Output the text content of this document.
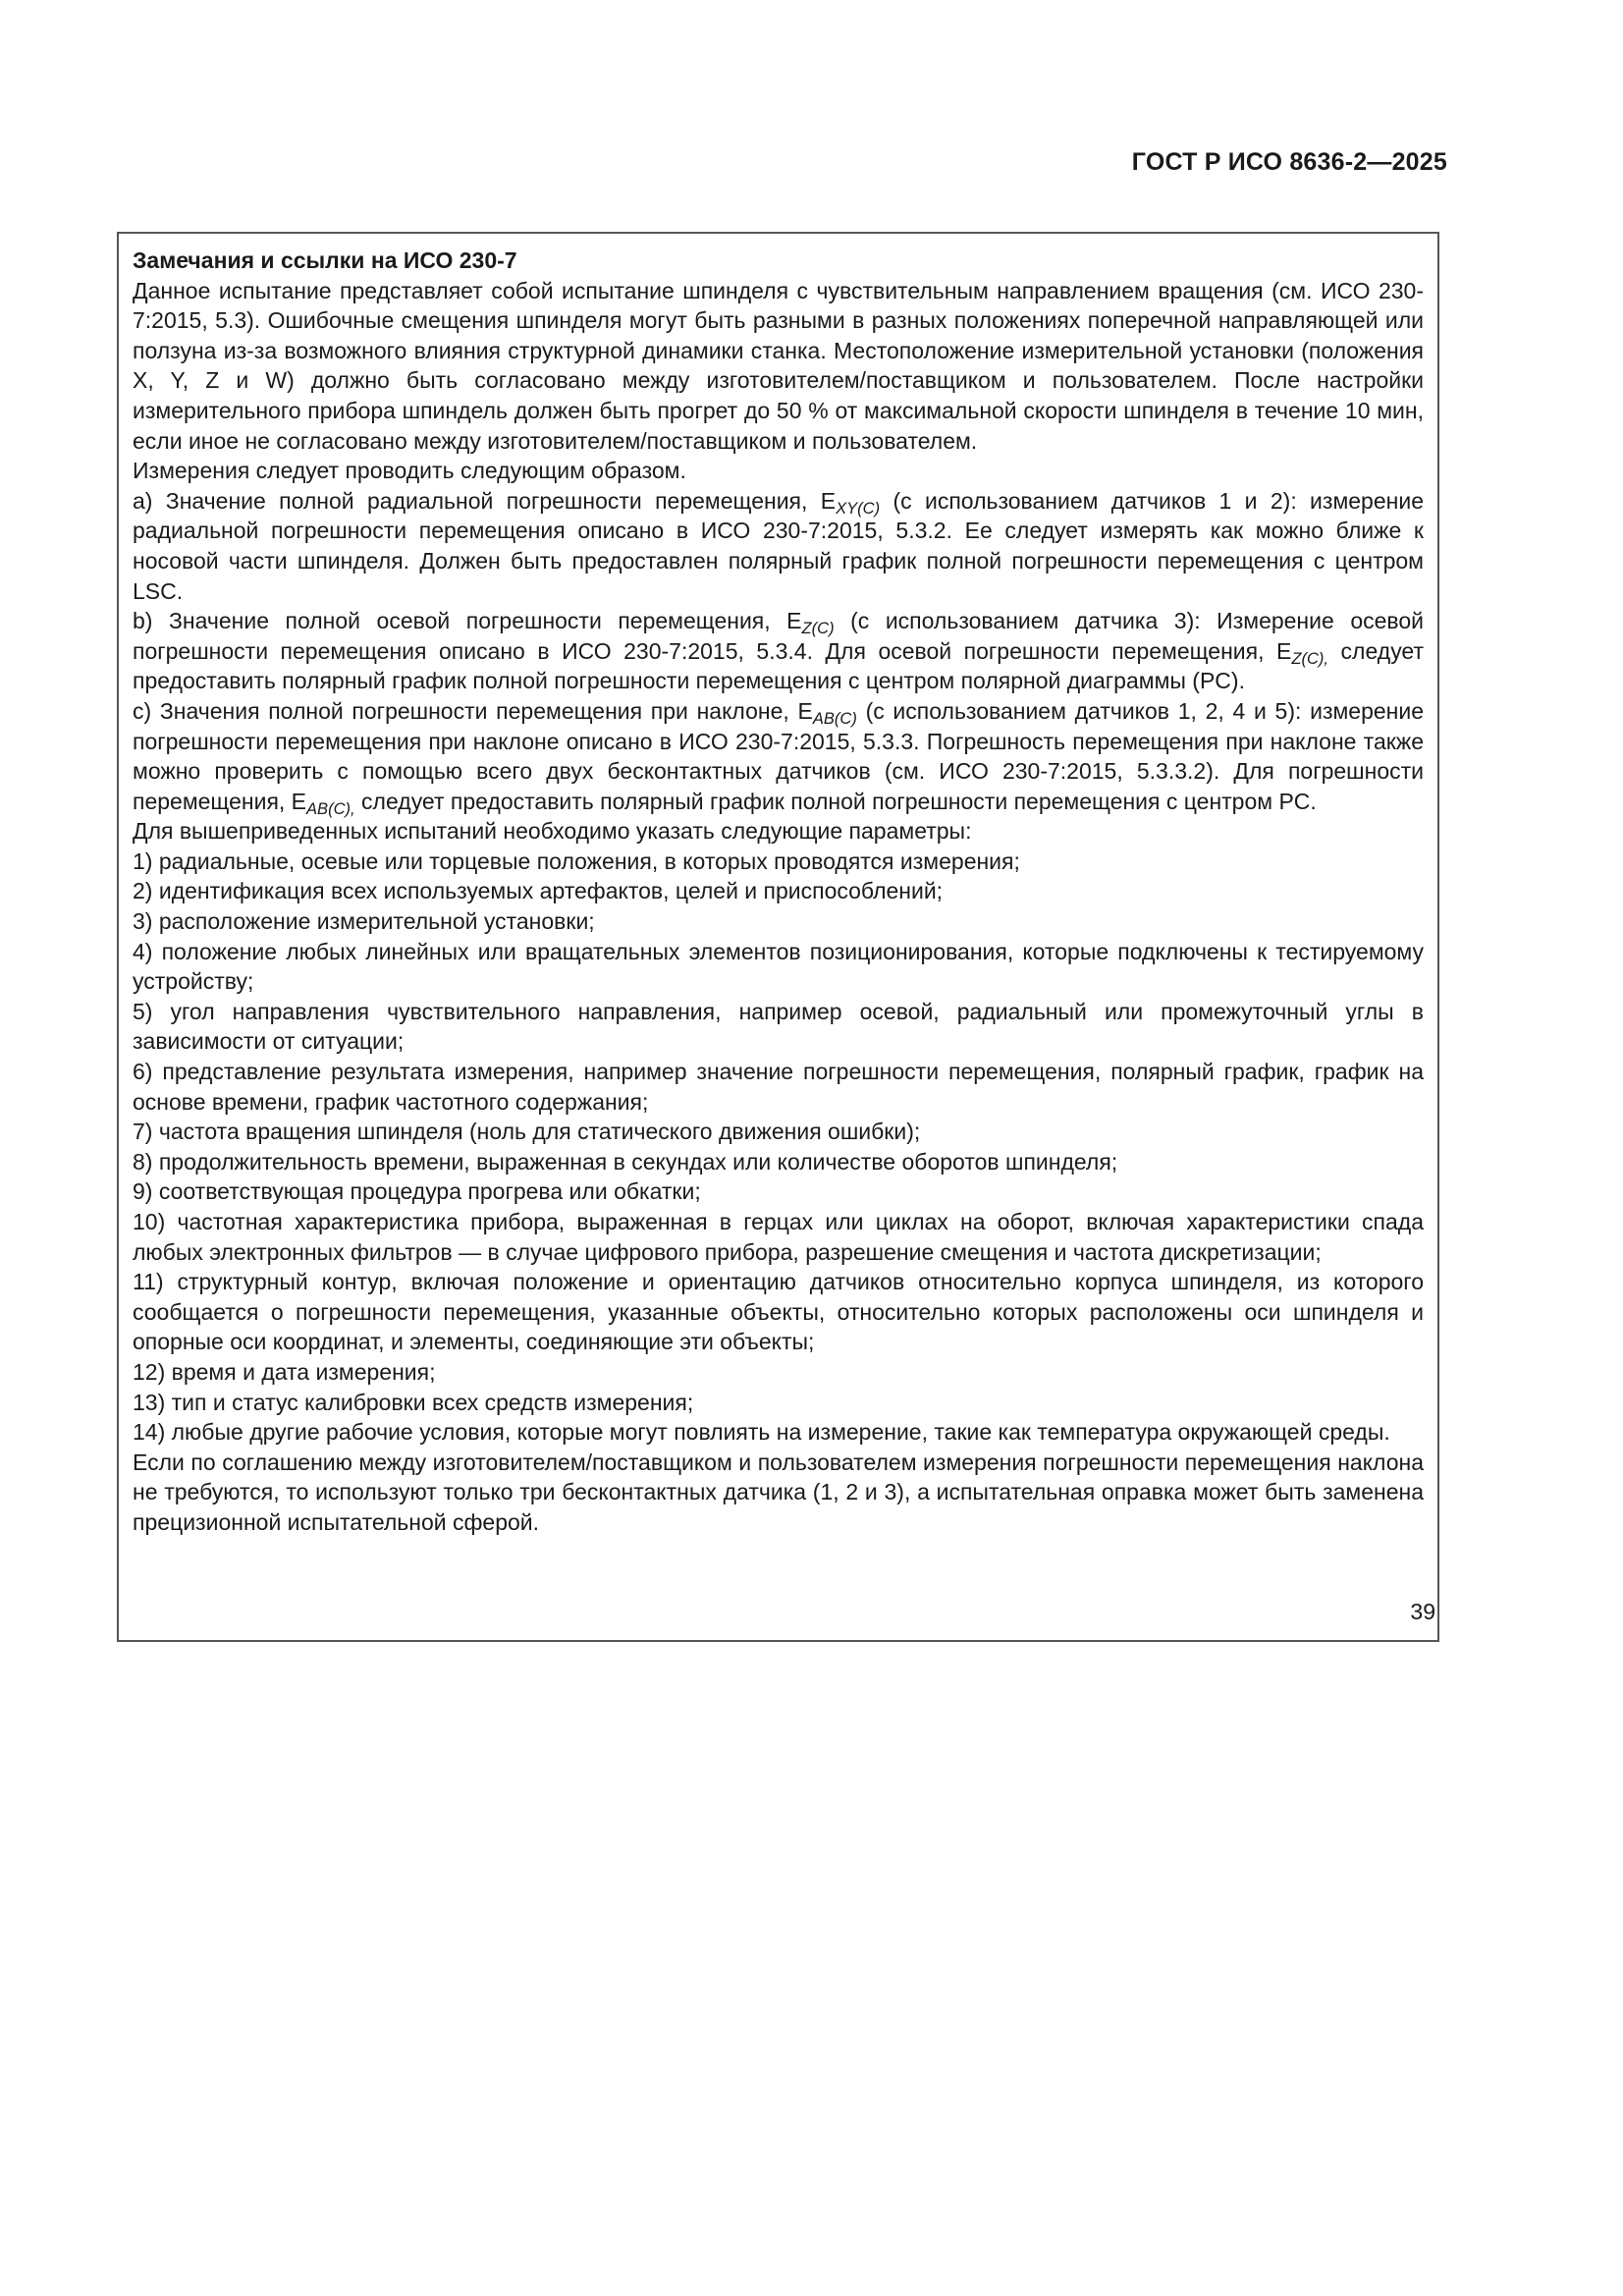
ГОСТ Р ИСО 8636-2—2025

Замечания и ссылки на ИСО 230-7

Данное испытание представляет собой испытание шпинделя с чувствительным направлением вращения (см. ИСО 230-7:2015, 5.3). Ошибочные смещения шпинделя могут быть разными в разных положениях поперечной направляющей или ползуна из-за возможного влияния структурной динамики станка. Местоположение измерительной установки (положения X, Y, Z и W) должно быть согласовано между изготовителем/поставщиком и пользователем. После настройки измерительного прибора шпиндель должен быть прогрет до 50 % от максимальной скорости шпинделя в течение 10 мин, если иное не согласовано между изготовителем/поставщиком и пользователем.

Измерения следует проводить следующим образом.

a) Значение полной радиальной погрешности перемещения, $E_{XY(C)}$ (с использованием датчиков 1 и 2): измерение радиальной погрешности перемещения описано в ИСО 230-7:2015, 5.3.2. Ее следует измерять как можно ближе к носовой части шпинделя. Должен быть предоставлен полярный график полной погрешности перемещения с центром LSC.

b) Значение полной осевой погрешности перемещения, $E_{Z(C)}$ (с использованием датчика 3): Измерение осевой погрешности перемещения описано в ИСО 230-7:2015, 5.3.4. Для осевой погрешности перемещения, $E_{Z(C),}$ следует предоставить полярный график полной погрешности перемещения с центром полярной диаграммы (PC).

c) Значения полной погрешности перемещения при наклоне, $E_{AB(C)}$ (с использованием датчиков 1, 2, 4 и 5): измерение погрешности перемещения при наклоне описано в ИСО 230-7:2015, 5.3.3. Погрешность перемещения при наклоне также можно проверить с помощью всего двух бесконтактных датчиков (см. ИСО 230-7:2015, 5.3.3.2). Для погрешности перемещения, $E_{AB(C),}$ следует предоставить полярный график полной погрешности перемещения с центром PC.

Для вышеприведенных испытаний необходимо указать следующие параметры:

1) радиальные, осевые или торцевые положения, в которых проводятся измерения;

2) идентификация всех используемых артефактов, целей и приспособлений;

3) расположение измерительной установки;

4) положение любых линейных или вращательных элементов позиционирования, которые подключены к тестируемому устройству;

5) угол направления чувствительного направления, например осевой, радиальный или промежуточный углы в зависимости от ситуации;

6) представление результата измерения, например значение погрешности перемещения, полярный график, график на основе времени, график частотного содержания;

7) частота вращения шпинделя (ноль для статического движения ошибки);

8) продолжительность времени, выраженная в секундах или количестве оборотов шпинделя;

9) соответствующая процедура прогрева или обкатки;

10) частотная характеристика прибора, выраженная в герцах или циклах на оборот, включая характеристики спада любых электронных фильтров — в случае цифрового прибора, разрешение смещения и частота дискретизации;

11) структурный контур, включая положение и ориентацию датчиков относительно корпуса шпинделя, из которого сообщается о погрешности перемещения, указанные объекты, относительно которых расположены оси шпинделя и опорные оси координат, и элементы, соединяющие эти объекты;

12) время и дата измерения;

13) тип и статус калибровки всех средств измерения;

14) любые другие рабочие условия, которые могут повлиять на измерение, такие как температура окружающей среды.

Если по соглашению между изготовителем/поставщиком и пользователем измерения погрешности перемещения наклона не требуются, то используют только три бесконтактных датчика (1, 2 и 3), а испытательная оправка может быть заменена прецизионной испытательной сферой.

39
